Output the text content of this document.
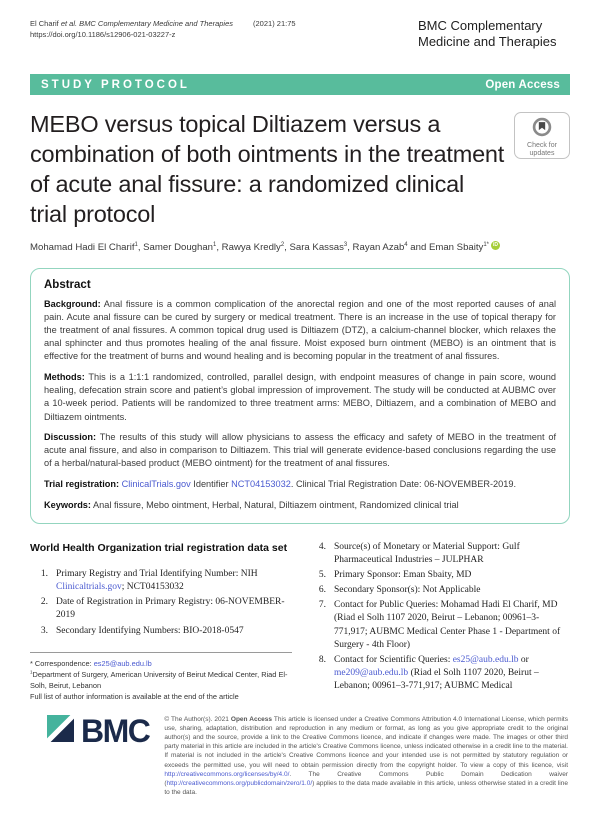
El Charif et al. BMC Complementary Medicine and Therapies	(2021) 21:75
https://doi.org/10.1186/s12906-021-03227-z
BMC Complementary
Medicine and Therapies
STUDY PROTOCOL	Open Access
MEBO versus topical Diltiazem versus a combination of both ointments in the treatment of acute anal fissure: a randomized clinical trial protocol
Check for
updates
Mohamad Hadi El Charif$^1$, Samer Doughan$^1$, Rawya Kredly$^2$, Sara Kassas$^3$, Rayan Azab$^4$ and Eman Sbaity$^{1*}$ iD
Abstract

Background: Anal fissure is a common complication of the anorectal region and one of the most reported causes of anal pain. Acute anal fissure can be cured by surgery or medical treatment. There is an increase in the use of topical therapy for the treatment of anal fissures. A common topical drug used is Diltiazem (DTZ), a calcium-channel blocker, which relaxes the anal sphincter and thus promotes healing of the anal fissure. Moist exposed burn ointment (MEBO) is an ointment that is effective for the treatment of burns and wound healing and is becoming popular in the treatment of anal fissures.

Methods: This is a 1:1:1 randomized, controlled, parallel design, with endpoint measures of change in pain score, wound healing, defecation strain score and patient’s global impression of improvement. The study will be conducted at AUBMC over a 10-week period. Patients will be randomized to three treatment arms: MEBO, Diltiazem, and a combination of MEBO and Diltiazem ointments.

Discussion: The results of this study will allow physicians to assess the efficacy and safety of MEBO in the treatment of acute anal fissure, and also in comparison to Diltiazem. This trial will generate evidence-based conclusions regarding the use of a herbal/natural-based product (MEBO ointment) for the treatment of anal fissures.

Trial registration: ClinicalTrials.gov Identifier NCT04153032. Clinical Trial Registration Date: 06-NOVEMBER-2019.

Keywords: Anal fissure, Mebo ointment, Herbal, Natural, Diltiazem ointment, Randomized clinical trial

World Health Organization trial registration data set
1. Primary Registry and Trial Identifying Number: NIH Clinicaltrials.gov; NCT04153032
2. Date of Registration in Primary Registry: 06-NOVEMBER-2019
3. Secondary Identifying Numbers: BIO-2018-0547
* Correspondence: es25@aub.edu.lb
$^1$Department of Surgery, American University of Beirut Medical Center, Riad El-Solh, Beirut, Lebanon
Full list of author information is available at the end of the article
4. Source(s) of Monetary or Material Support: Gulf Pharmaceutical Industries – JULPHAR
5. Primary Sponsor: Eman Sbaity, MD
6. Secondary Sponsor(s): Not Applicable
7. Contact for Public Queries: Mohamad Hadi El Charif, MD (Riad el Solh 1107 2020, Beirut – Lebanon; 00961–3-771,917; AUBMC Medical Center Phase 1 - Department of Surgery - 4th Floor)
8. Contact for Scientific Queries: es25@aub.edu.lb or me209@aub.edu.lb (Riad el Solh 1107 2020, Beirut – Lebanon; 00961–3-771,917; AUBMC Medical
BMC © The Author(s). 2021 Open Access This article is licensed under a Creative Commons Attribution 4.0 International License, which permits use, sharing, adaptation, distribution and reproduction in any medium or format, as long as you give appropriate credit to the original author(s) and the source, provide a link to the Creative Commons licence, and indicate if changes were made. The images or other third party material in this article are included in the article's Creative Commons licence, unless indicated otherwise in a credit line to the material. If material is not included in the article's Creative Commons licence and your intended use is not permitted by statutory regulation or exceeds the permitted use, you will need to obtain permission directly from the copyright holder. To view a copy of this licence, visit http://creativecommons.org/licenses/by/4.0/. The Creative Commons Public Domain Dedication waiver (http://creativecommons.org/publicdomain/zero/1.0/) applies to the data made available in this article, unless otherwise stated in a credit line to the data.
